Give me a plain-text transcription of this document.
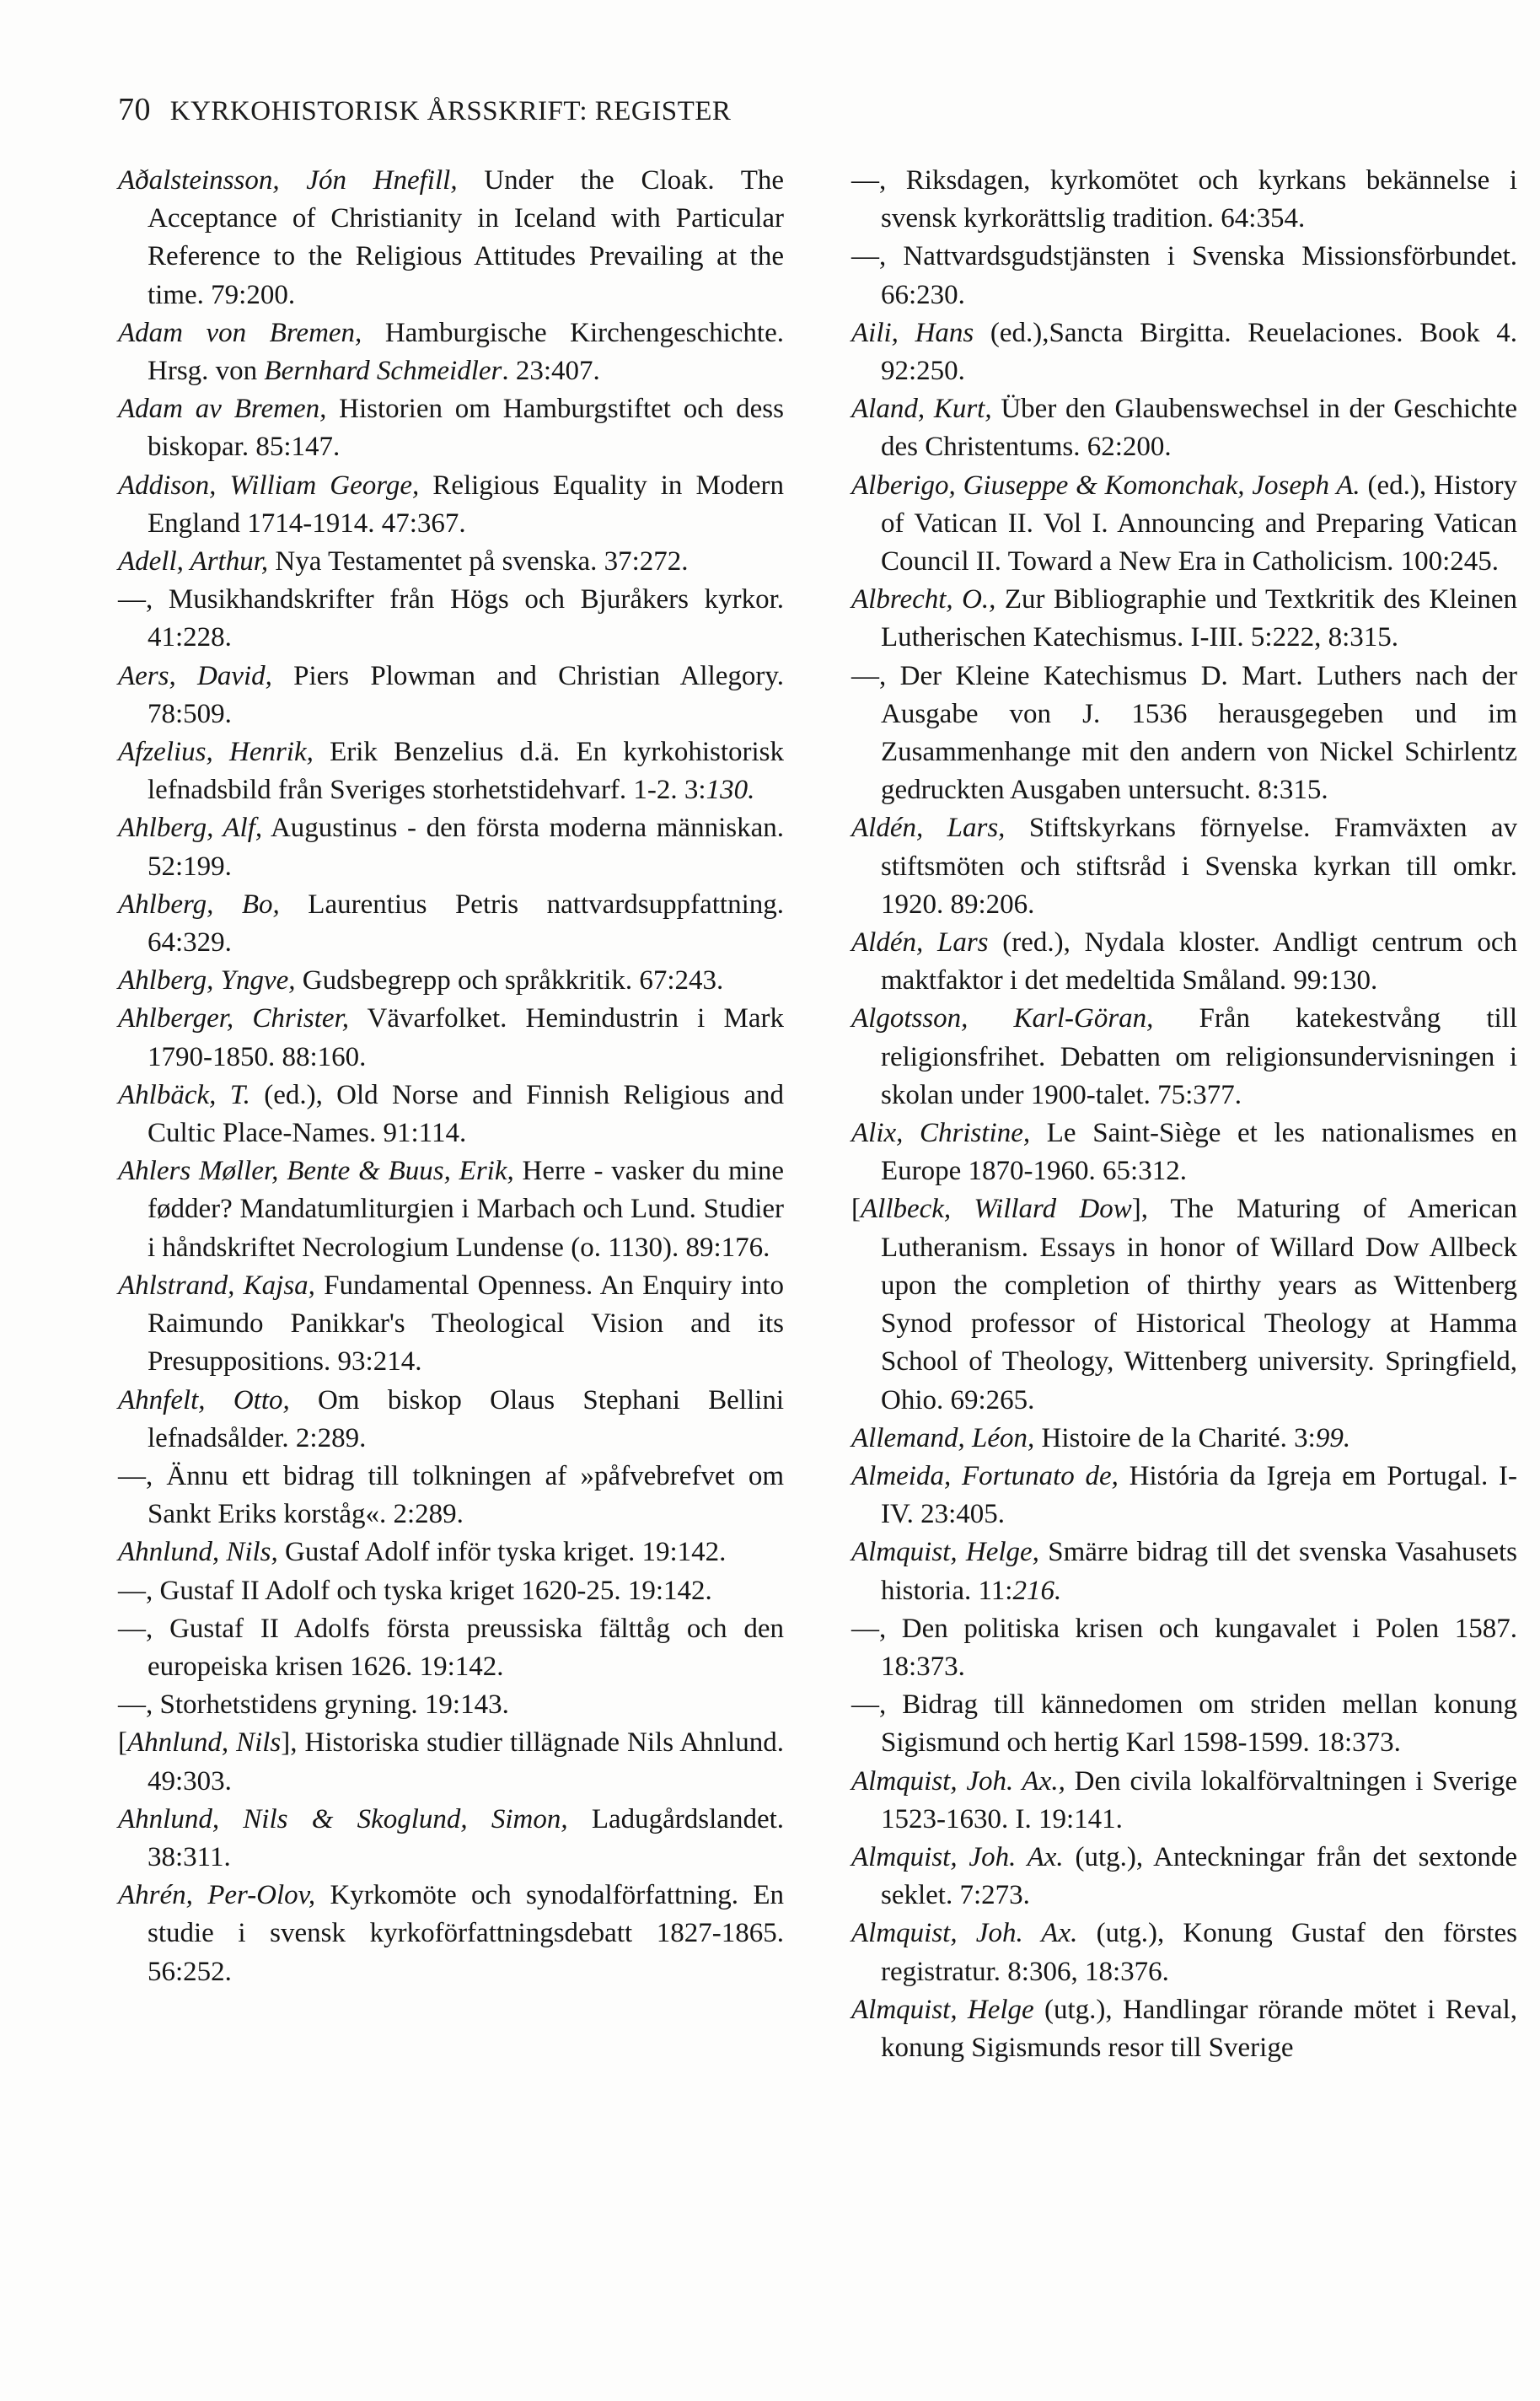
70 KYRKOHISTORISK ÅRSSKRIFT: REGISTER

Aðalsteinsson, Jón Hnefill, Under the Cloak. The Acceptance of Christianity in Iceland with Particular Reference to the Religious Attitudes Prevailing at the time. 79:200.

Adam von Bremen, Hamburgische Kirchengeschichte. Hrsg. von Bernhard Schmeidler. 23:407.

Adam av Bremen, Historien om Hamburgstiftet och dess biskopar. 85:147.

Addison, William George, Religious Equality in Modern England 1714-1914. 47:367.

Adell, Arthur, Nya Testamentet på svenska. 37:272.

—, Musikhandskrifter från Högs och Bjuråkers kyrkor. 41:228.

Aers, David, Piers Plowman and Christian Allegory. 78:509.

Afzelius, Henrik, Erik Benzelius d.ä. En kyrkohistorisk lefnadsbild från Sveriges storhetstidehvarf. 1-2. 3:130.

Ahlberg, Alf, Augustinus - den första moderna människan. 52:199.

Ahlberg, Bo, Laurentius Petris nattvardsuppfattning. 64:329.

Ahlberg, Yngve, Gudsbegrepp och språkkritik. 67:243.

Ahlberger, Christer, Vävarfolket. Hemindustrin i Mark 1790-1850. 88:160.

Ahlbäck, T. (ed.), Old Norse and Finnish Religious and Cultic Place-Names. 91:114.

Ahlers Møller, Bente & Buus, Erik, Herre - vasker du mine fødder? Mandatumliturgien i Marbach och Lund. Studier i håndskriftet Necrologium Lundense (o. 1130). 89:176.

Ahlstrand, Kajsa, Fundamental Openness. An Enquiry into Raimundo Panikkar's Theological Vision and its Presuppositions. 93:214.

Ahnfelt, Otto, Om biskop Olaus Stephani Bellini lefnadsålder. 2:289.

—, Ännu ett bidrag till tolkningen af »påfvebrefvet om Sankt Eriks korståg«. 2:289.

Ahnlund, Nils, Gustaf Adolf inför tyska kriget. 19:142.

—, Gustaf II Adolf och tyska kriget 1620-25. 19:142.

—, Gustaf II Adolfs första preussiska fälttåg och den europeiska krisen 1626. 19:142.

—, Storhetstidens gryning. 19:143.

[Ahnlund, Nils], Historiska studier tillägnade Nils Ahnlund. 49:303.

Ahnlund, Nils & Skoglund, Simon, Ladugårdslandet. 38:311.

Ahrén, Per-Olov, Kyrkomöte och synodalförfattning. En studie i svensk kyrkoförfattningsdebatt 1827-1865. 56:252.

—, Riksdagen, kyrkomötet och kyrkans bekännelse i svensk kyrkorättslig tradition. 64:354.

—, Nattvardsgudstjänsten i Svenska Missionsförbundet. 66:230.

Aili, Hans (ed.),Sancta Birgitta. Reuelaciones. Book 4. 92:250.

Aland, Kurt, Über den Glaubenswechsel in der Geschichte des Christentums. 62:200.

Alberigo, Giuseppe & Komonchak, Joseph A. (ed.), History of Vatican II. Vol I. Announcing and Preparing Vatican Council II. Toward a New Era in Catholicism. 100:245.

Albrecht, O., Zur Bibliographie und Textkritik des Kleinen Lutherischen Katechismus. I-III. 5:222, 8:315.

—, Der Kleine Katechismus D. Mart. Luthers nach der Ausgabe von J. 1536 herausgegeben und im Zusammenhange mit den andern von Nickel Schirlentz gedruckten Ausgaben untersucht. 8:315.

Aldén, Lars, Stiftskyrkans förnyelse. Framväxten av stiftsmöten och stiftsråd i Svenska kyrkan till omkr. 1920. 89:206.

Aldén, Lars (red.), Nydala kloster. Andligt centrum och maktfaktor i det medeltida Småland. 99:130.

Algotsson, Karl-Göran, Från katekestvång till religionsfrihet. Debatten om religionsundervisningen i skolan under 1900-talet. 75:377.

Alix, Christine, Le Saint-Siège et les nationalismes en Europe 1870-1960. 65:312.

[Allbeck, Willard Dow], The Maturing of American Lutheranism. Essays in honor of Willard Dow Allbeck upon the completion of thirthy years as Wittenberg Synod professor of Historical Theology at Hamma School of Theology, Wittenberg university. Springfield, Ohio. 69:265.

Allemand, Léon, Histoire de la Charité. 3:99.

Almeida, Fortunato de, História da Igreja em Portugal. I-IV. 23:405.

Almquist, Helge, Smärre bidrag till det svenska Vasahusets historia. 11:216.

—, Den politiska krisen och kungavalet i Polen 1587. 18:373.

—, Bidrag till kännedomen om striden mellan konung Sigismund och hertig Karl 1598-1599. 18:373.

Almquist, Joh. Ax., Den civila lokalförvaltningen i Sverige 1523-1630. I. 19:141.

Almquist, Joh. Ax. (utg.), Anteckningar från det sextonde seklet. 7:273.

Almquist, Joh. Ax. (utg.), Konung Gustaf den förstes registratur. 8:306, 18:376.

Almquist, Helge (utg.), Handlingar rörande mötet i Reval, konung Sigismunds resor till Sverige
